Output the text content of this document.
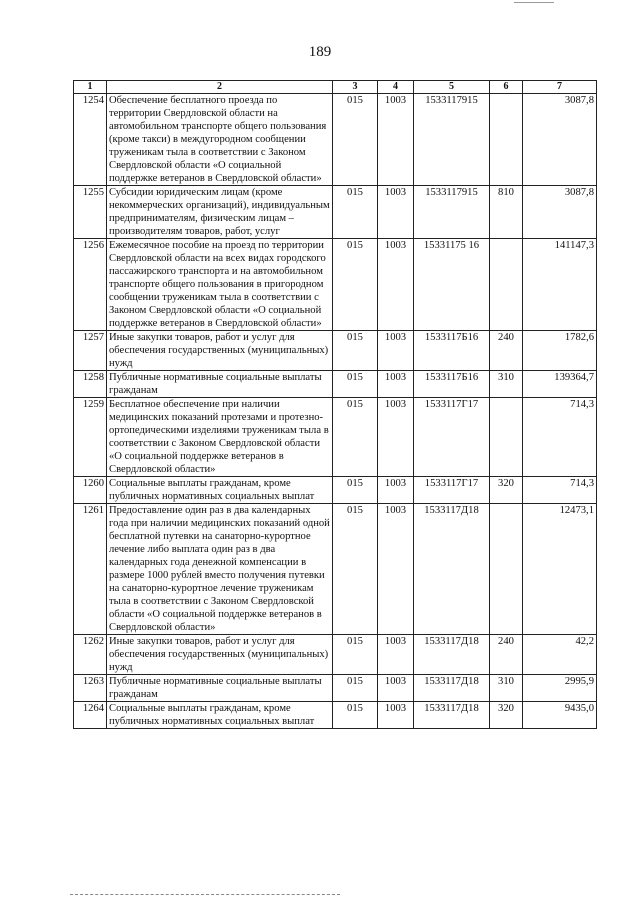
189
1	2	3	4	5	6	7
1254	Обеспечение бесплатного проезда по территории Свердловской области на автомобильном транспорте общего пользования (кроме такси) в междугородном сообщении труженикам тыла в соответствии с Законом Свердловской области «О социальной поддержке ветеранов в Свердловской области»	015	1003	1533117915		3087,8
1255	Субсидии юридическим лицам (кроме некоммерческих организаций), индивидуальным предпринимателям, физическим лицам – производителям товаров, работ, услуг	015	1003	1533117915	810	3087,8
1256	Ежемесячное пособие на проезд по территории Свердловской области на всех видах городского пассажирского транспорта и на автомобильном транспорте общего пользования в пригородном сообщении труженикам тыла в соответствии с Законом Свердловской области «О социальной поддержке ветеранов в Свердловской области»	015	1003	15331175 16		141147,3
1257	Иные закупки товаров, работ и услуг для обеспечения государственных (муниципальных) нужд	015	1003	1533117Б16	240	1782,6
1258	Публичные нормативные социальные выплаты гражданам	015	1003	1533117Б16	310	139364,7
1259	Бесплатное обеспечение при наличии медицинских показаний протезами и протезно-ортопедическими изделиями труженикам тыла в соответствии с Законом Свердловской области «О социальной поддержке ветеранов в Свердловской области»	015	1003	1533117Г17		714,3
1260	Социальные выплаты гражданам, кроме публичных нормативных социальных выплат	015	1003	1533117Г17	320	714,3
1261	Предоставление один раз в два календарных года при наличии медицинских показаний одной бесплатной путевки на санаторно-курортное лечение либо выплата один раз в два календарных года денежной компенсации в размере 1000 рублей вместо получения путевки на санаторно-курортное лечение труженикам тыла в соответствии с Законом Свердловской области «О социальной поддержке ветеранов в Свердловской области»	015	1003	1533117Д18		12473,1
1262	Иные закупки товаров, работ и услуг для обеспечения государственных (муниципальных) нужд	015	1003	1533117Д18	240	42,2
1263	Публичные нормативные социальные выплаты гражданам	015	1003	1533117Д18	310	2995,9
1264	Социальные выплаты гражданам, кроме публичных нормативных социальных выплат	015	1003	1533117Д18	320	9435,0
